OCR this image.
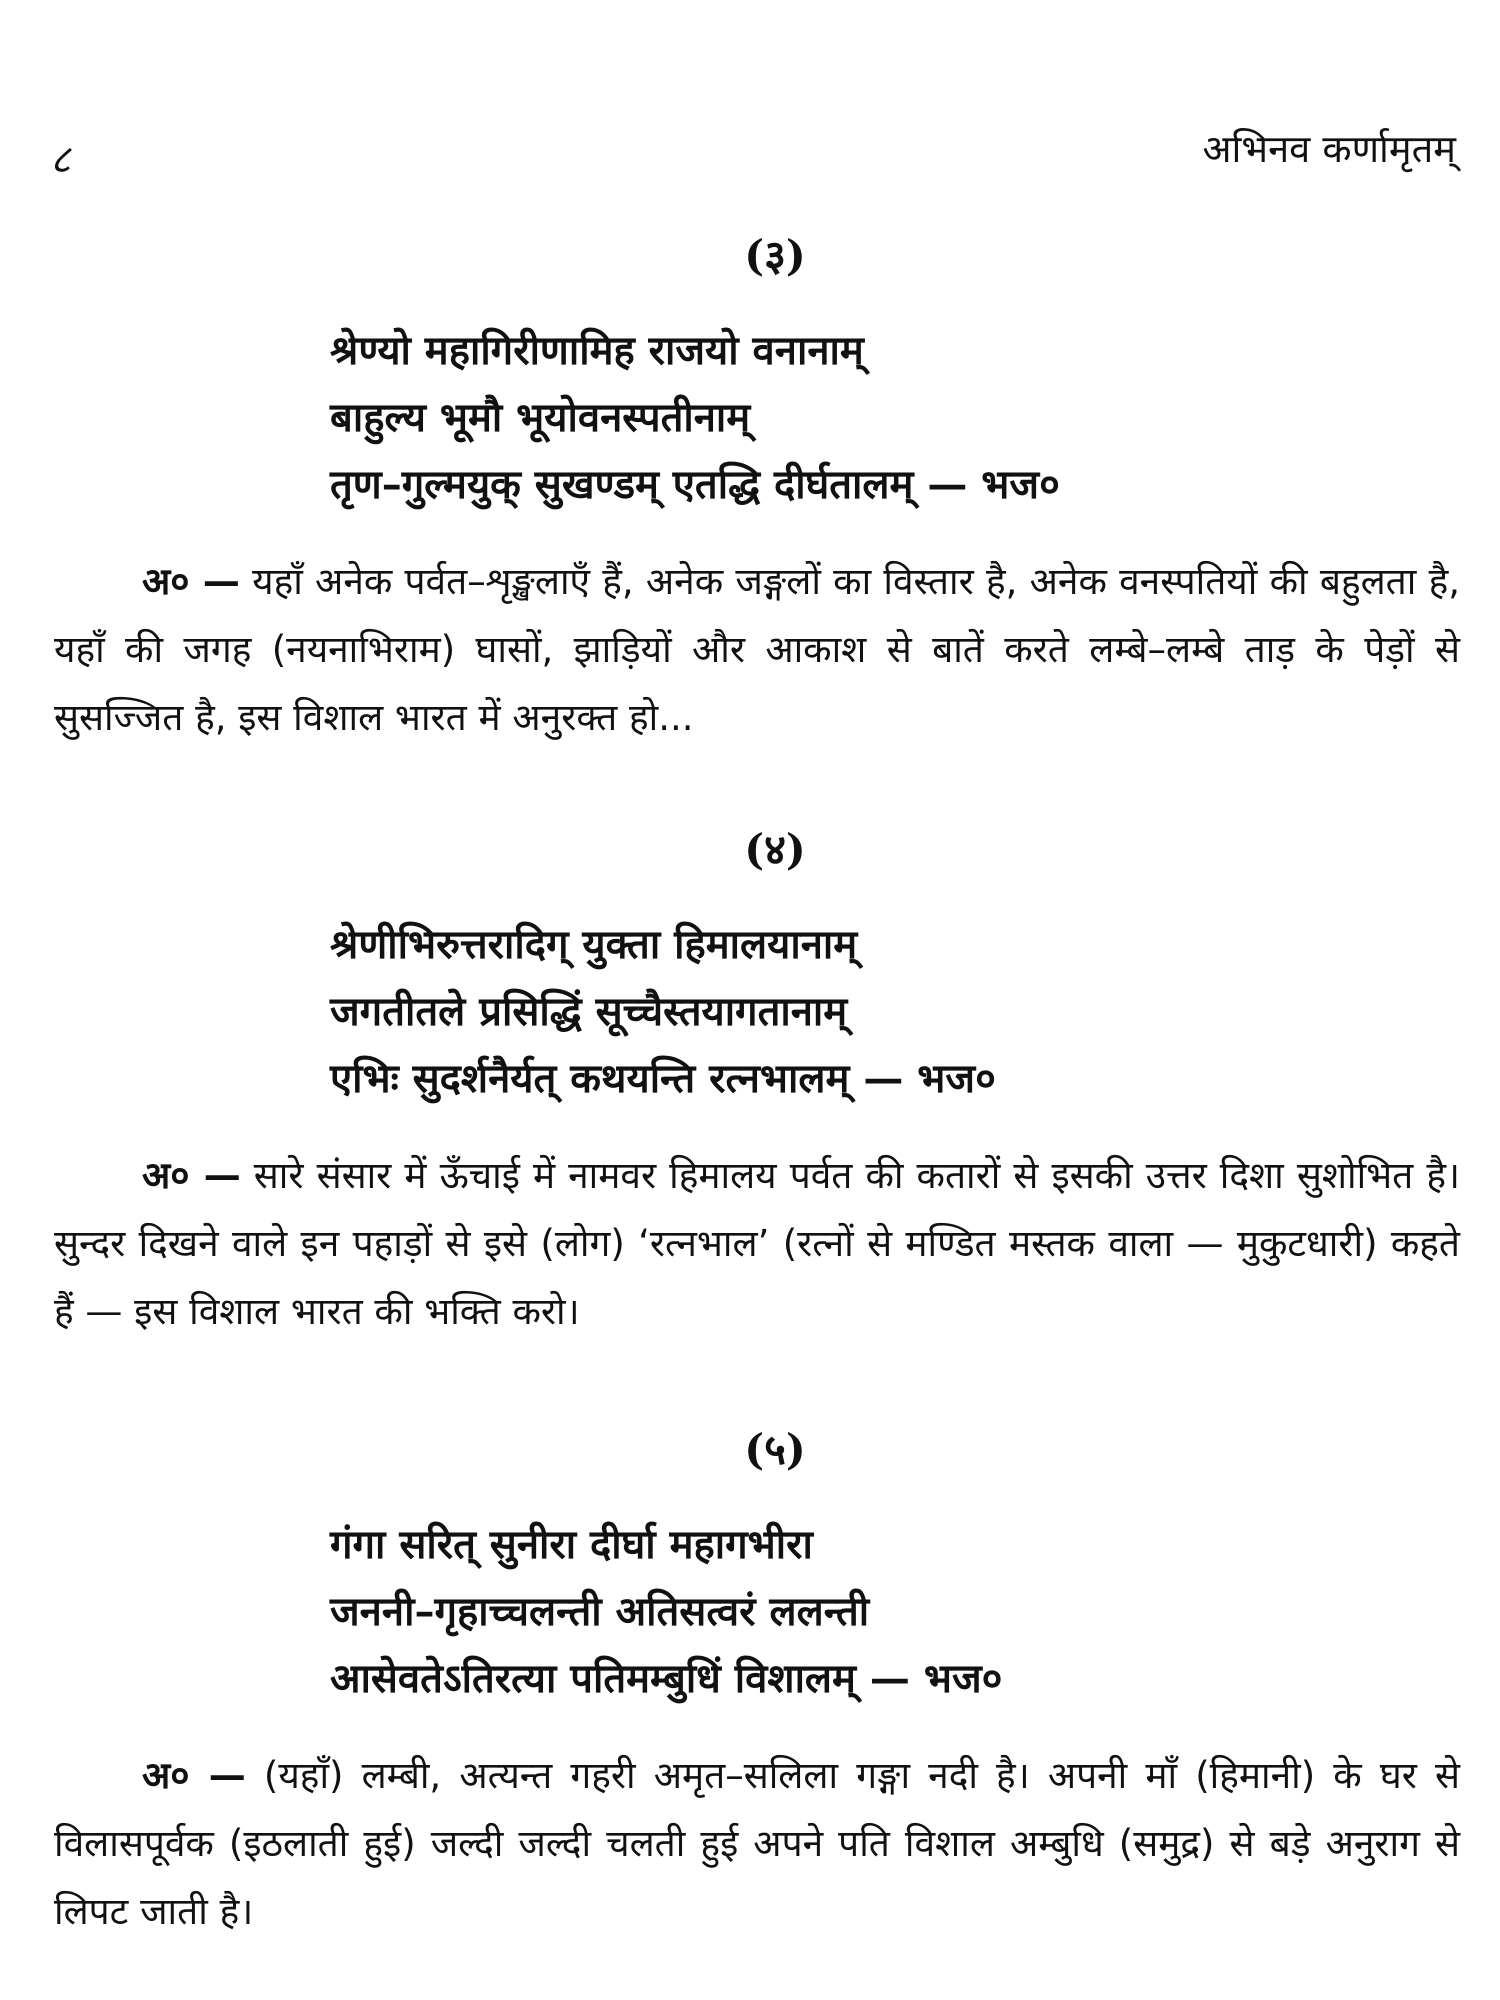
८	अभिनव कर्णामृतम्
(३)
श्रेण्यो महागिरीणामिह राजयो वनानाम्
बाहुल्य भूमौ भूयोवनस्पतीनाम्
तृण–गुल्मयुक् सुखण्डम् एतद्धि दीर्घतालम् — भज०

अ० — यहाँ अनेक पर्वत–शृङ्खलाएँ हैं, अनेक जङ्गलों का विस्तार है, अनेक वनस्पतियों की बहुलता है, यहाँ की जगह (नयनाभिराम) घासों, झाड़ियों और आकाश से बातें करते लम्बे–लम्बे ताड़ के पेड़ों से सुसज्जित है, इस विशाल भारत में अनुरक्त हो...

(४)
श्रेणीभिरुत्तरादिग् युक्ता हिमालयानाम्
जगतीतले प्रसिद्धिं सूच्चैस्तयागतानाम्
एभिः सुदर्शनैर्यत् कथयन्ति रत्नभालम् — भज०

अ० — सारे संसार में ऊँचाई में नामवर हिमालय पर्वत की कतारों से इसकी उत्तर दिशा सुशोभित है। सुन्दर दिखने वाले इन पहाड़ों से इसे (लोग) ‘रत्नभाल’ (रत्नों से मण्डित मस्तक वाला — मुकुटधारी) कहते हैं — इस विशाल भारत की भक्ति करो।

(५)
गंगा सरित् सुनीरा दीर्घा महागभीरा
जननी–गृहाच्चलन्ती अतिसत्वरं ललन्ती
आसेवतेऽतिरत्या पतिमम्बुधिं विशालम् — भज०

अ० — (यहाँ) लम्बी, अत्यन्त गहरी अमृत–सलिला गङ्गा नदी है। अपनी माँ (हिमानी) के घर से विलासपूर्वक (इठलाती हुई) जल्दी जल्दी चलती हुई अपने पति विशाल अम्बुधि (समुद्र) से बड़े अनुराग से लिपट जाती है।
